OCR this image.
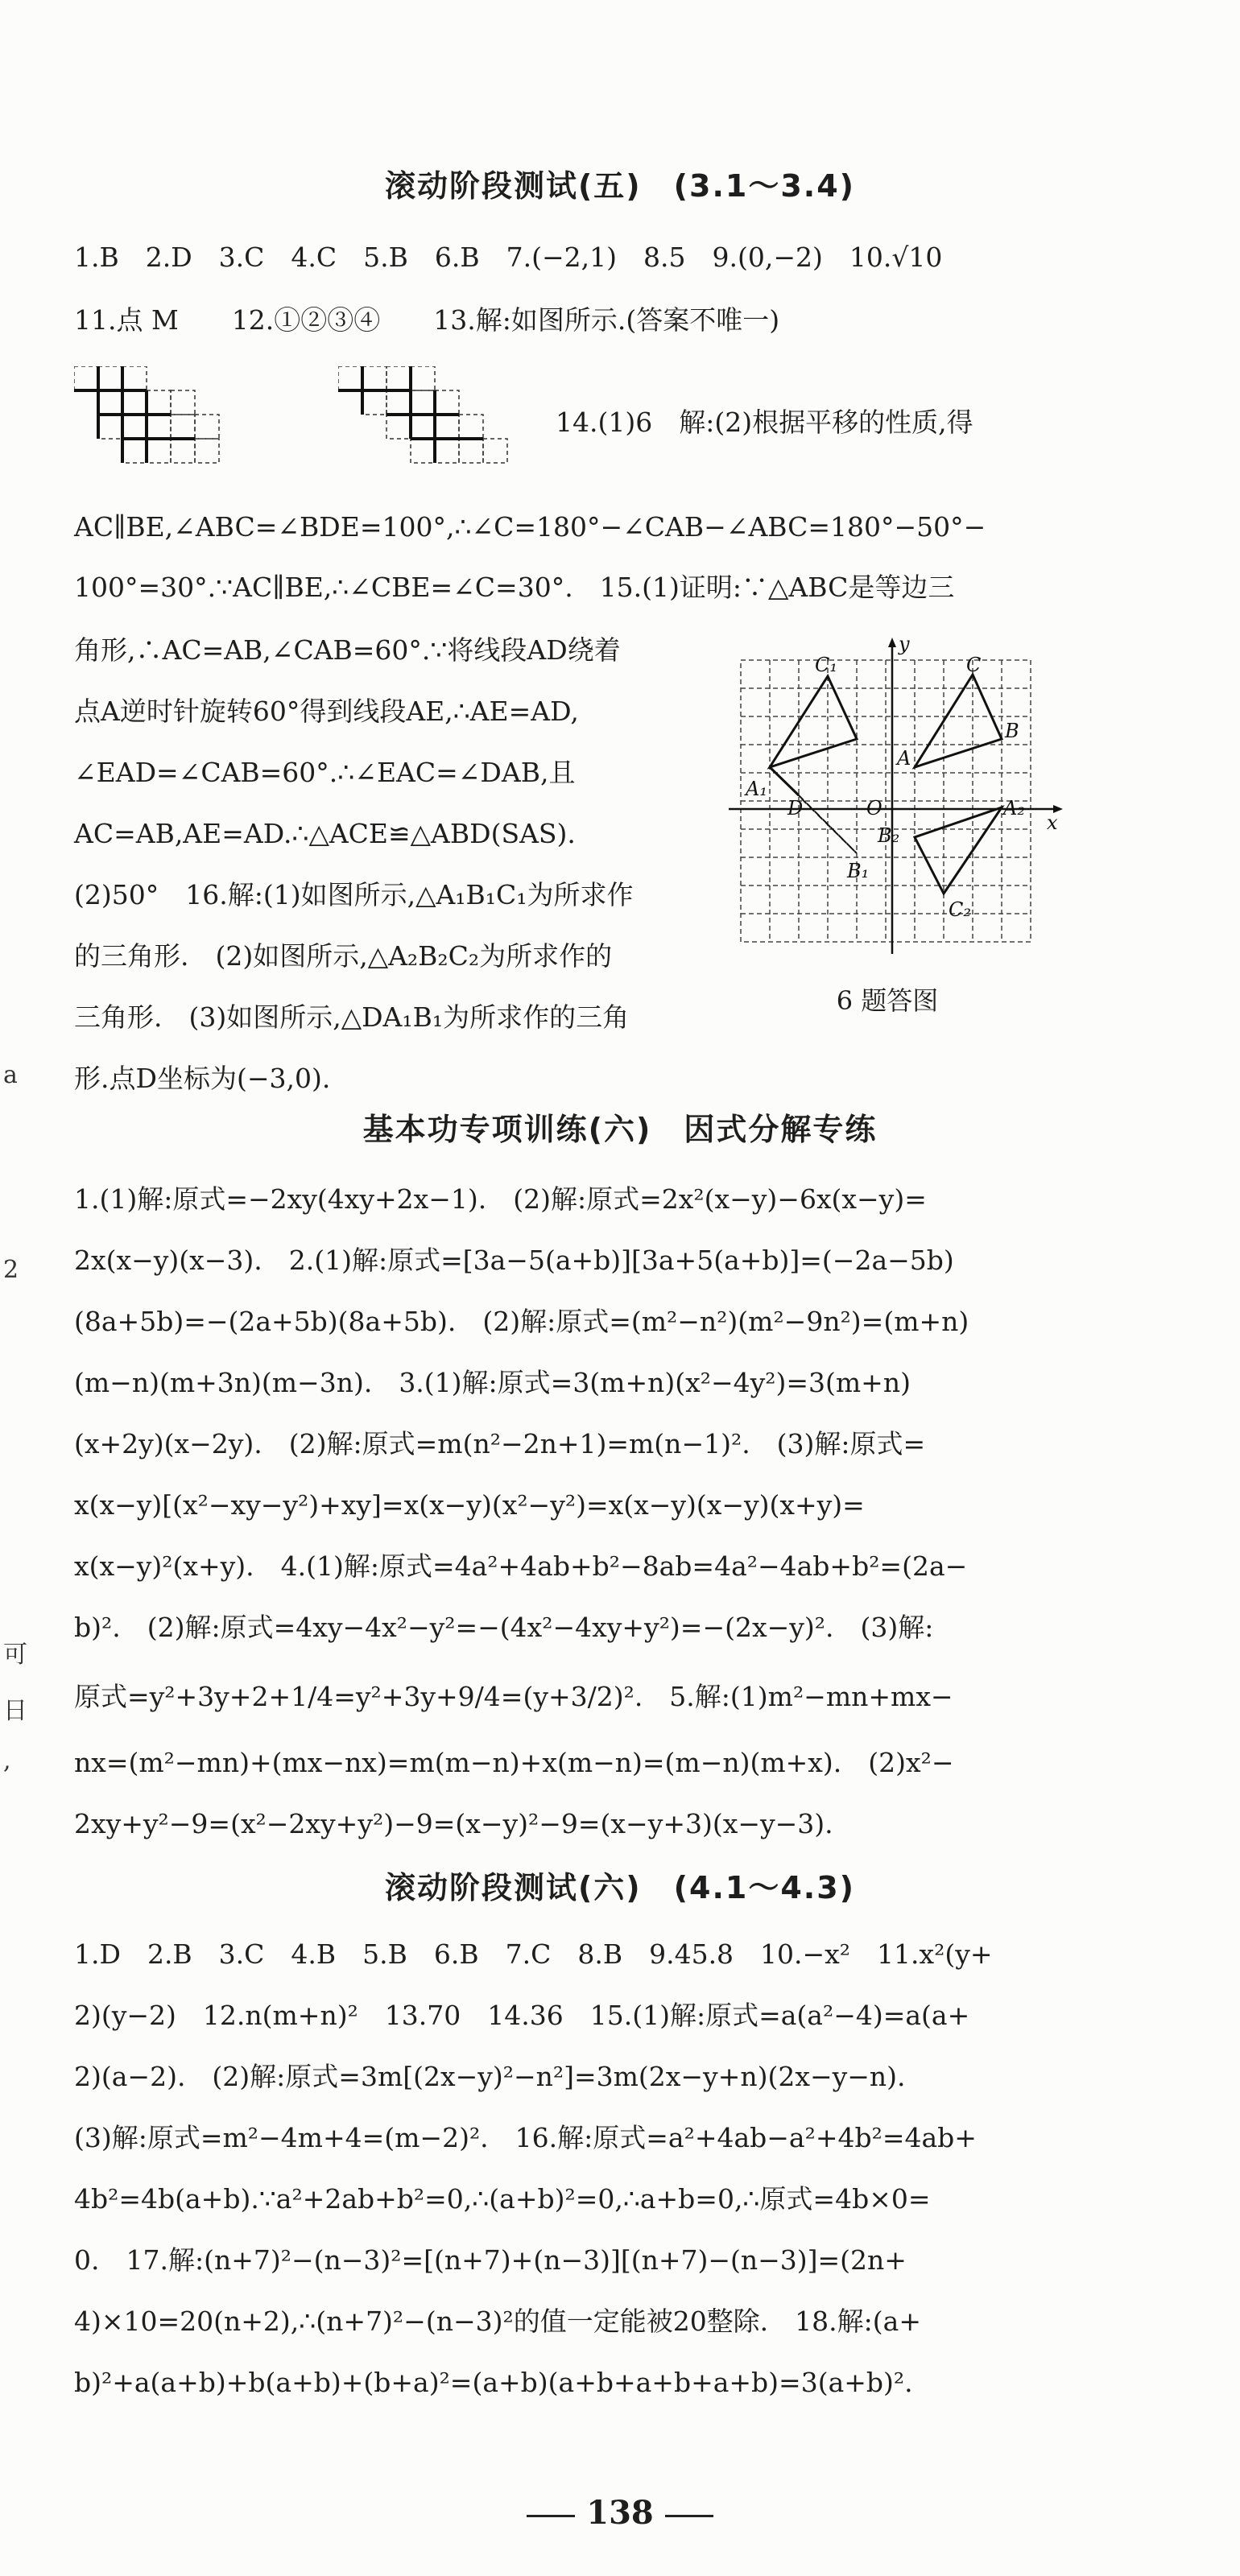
滚动阶段测试(五)　(3.1～3.4)
1.B　2.D　3.C　4.C　5.B　6.B　7.(−2,1)　8.5　9.(0,−2)　10.√10
11.点 M　　12.①②③④　　13.解:如图所示.(答案不唯一)
14.(1)6　解:(2)根据平移的性质,得
AC∥BE,∠ABC=∠BDE=100°,∴∠C=180°−∠CAB−∠ABC=180°−50°−
100°=30°.∵AC∥BE,∴∠CBE=∠C=30°.　15.(1)证明:∵△ABC是等边三
角形,∴AC=AB,∠CAB=60°.∵将线段AD绕着
点A逆时针旋转60°得到线段AE,∴AE=AD,
∠EAD=∠CAB=60°.∴∠EAC=∠DAB,且
AC=AB,AE=AD.∴△ACE≌△ABD(SAS).
(2)50°　16.解:(1)如图所示,△A₁B₁C₁为所求作
的三角形.　(2)如图所示,△A₂B₂C₂为所求作的
三角形.　(3)如图所示,△DA₁B₁为所求作的三角
形.点D坐标为(−3,0).
C₁	C
B
A
A₁
D	O	A₂
B₂
B₁
C₂
x
y
6 题答图
基本功专项训练(六)　因式分解专练
1.(1)解:原式=−2xy(4xy+2x−1).　(2)解:原式=2x²(x−y)−6x(x−y)=
2x(x−y)(x−3).　2.(1)解:原式=[3a−5(a+b)][3a+5(a+b)]=(−2a−5b)
(8a+5b)=−(2a+5b)(8a+5b).　(2)解:原式=(m²−n²)(m²−9n²)=(m+n)
(m−n)(m+3n)(m−3n).　3.(1)解:原式=3(m+n)(x²−4y²)=3(m+n)
(x+2y)(x−2y).　(2)解:原式=m(n²−2n+1)=m(n−1)².　(3)解:原式=
x(x−y)[(x²−xy−y²)+xy]=x(x−y)(x²−y²)=x(x−y)(x−y)(x+y)=
x(x−y)²(x+y).　4.(1)解:原式=4a²+4ab+b²−8ab=4a²−4ab+b²=(2a−
b)².　(2)解:原式=4xy−4x²−y²=−(4x²−4xy+y²)=−(2x−y)².　(3)解:
原式=y²+3y+2+1/4=y²+3y+9/4=(y+3/2)².　5.解:(1)m²−mn+mx−
nx=(m²−mn)+(mx−nx)=m(m−n)+x(m−n)=(m−n)(m+x).　(2)x²−
2xy+y²−9=(x²−2xy+y²)−9=(x−y)²−9=(x−y+3)(x−y−3).
滚动阶段测试(六)　(4.1～4.3)
1.D　2.B　3.C　4.B　5.B　6.B　7.C　8.B　9.45.8　10.−x²　11.x²(y+
2)(y−2)　12.n(m+n)²　13.70　14.36　15.(1)解:原式=a(a²−4)=a(a+
2)(a−2).　(2)解:原式=3m[(2x−y)²−n²]=3m(2x−y+n)(2x−y−n).
(3)解:原式=m²−4m+4=(m−2)².　16.解:原式=a²+4ab−a²+4b²=4ab+
4b²=4b(a+b).∵a²+2ab+b²=0,∴(a+b)²=0,∴a+b=0,∴原式=4b×0=
0.　17.解:(n+7)²−(n−3)²=[(n+7)+(n−3)][(n+7)−(n−3)]=(2n+
4)×10=20(n+2),∴(n+7)²−(n−3)²的值一定能被20整除.　18.解:(a+
b)²+a(a+b)+b(a+b)+(b+a)²=(a+b)(a+b+a+b+a+b)=3(a+b)².
138
a
2
可
日
,
